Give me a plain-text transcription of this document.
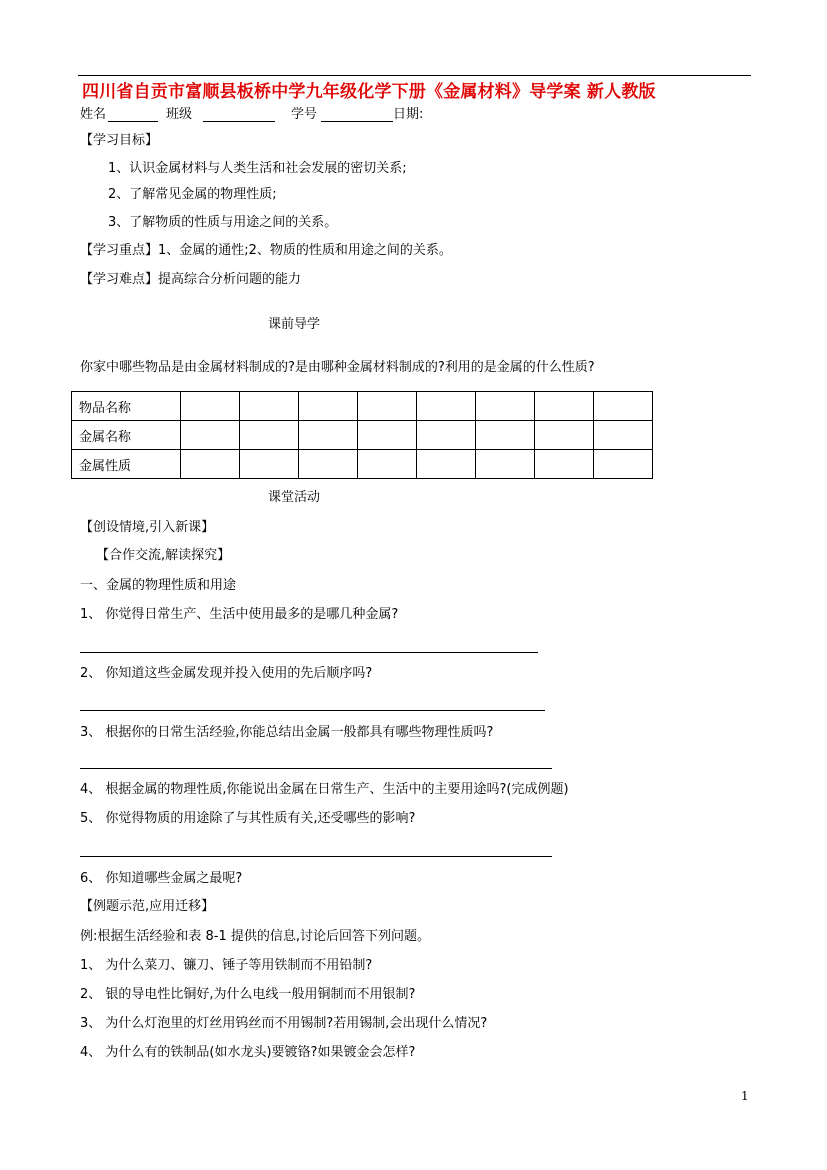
四川省自贡市富顺县板桥中学九年级化学下册《金属材料》导学案 新人教版
姓名	班级	学号	日期:
【学习目标】
1、认识金属材料与人类生活和社会发展的密切关系;
2、了解常见金属的物理性质;
3、了解物质的性质与用途之间的关系。
【学习重点】1、金属的通性;2、物质的性质和用途之间的关系。
【学习难点】提高综合分析问题的能力
课前导学
你家中哪些物品是由金属材料制成的?是由哪种金属材料制成的?利用的是金属的什么性质?
物品名称								
金属名称								
金属性质								
课堂活动
【创设情境,引入新课】
【合作交流,解读探究】
一、金属的物理性质和用途
1、 你觉得日常生产、生活中使用最多的是哪几种金属?
2、 你知道这些金属发现并投入使用的先后顺序吗?
3、 根据你的日常生活经验,你能总结出金属一般都具有哪些物理性质吗?
4、 根据金属的物理性质,你能说出金属在日常生产、生活中的主要用途吗?(完成例题)
5、 你觉得物质的用途除了与其性质有关,还受哪些的影响?
6、 你知道哪些金属之最呢?
【例题示范,应用迁移】
例:根据生活经验和表 8-1 提供的信息,讨论后回答下列问题。
1、 为什么菜刀、镰刀、锤子等用铁制而不用铅制?
2、 银的导电性比铜好,为什么电线一般用铜制而不用银制?
3、 为什么灯泡里的灯丝用钨丝而不用锡制?若用锡制,会出现什么情况?
4、 为什么有的铁制品(如水龙头)要镀铬?如果镀金会怎样?
1
